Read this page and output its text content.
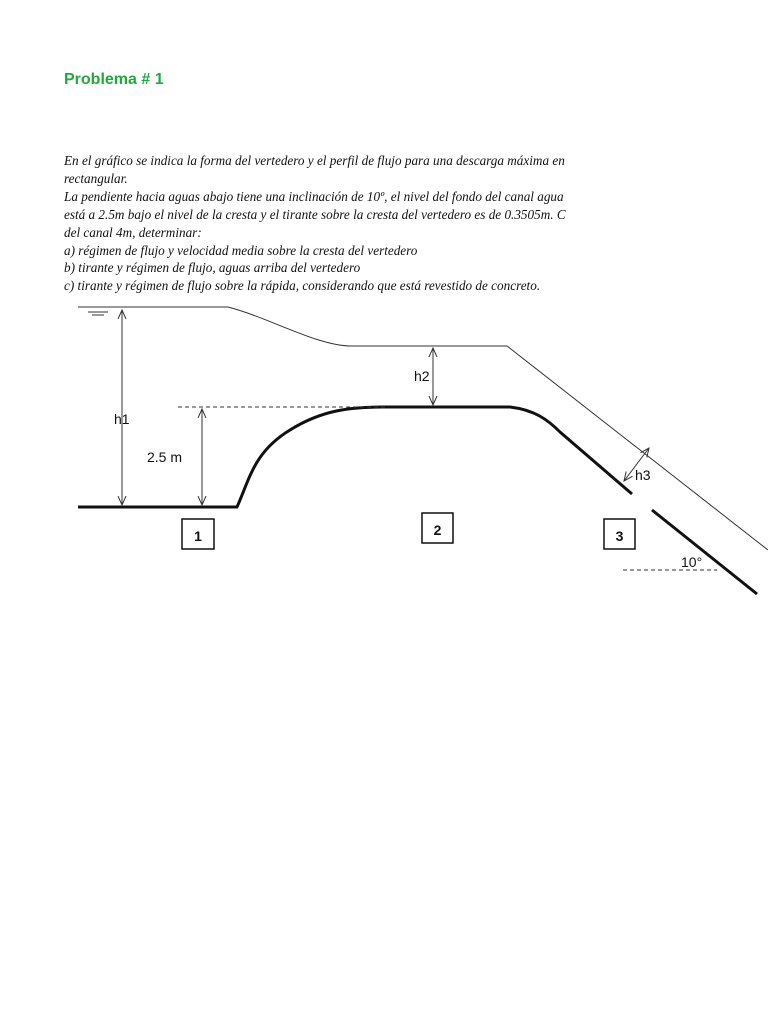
Problema # 1
En el gráfico se indica la forma del vertedero y el perfil de flujo para una descarga máxima en
rectangular.
La pendiente hacia aguas abajo tiene una inclinación de 10º, el nivel del fondo del canal agua
está a 2.5m bajo el nivel de la cresta y el tirante sobre la cresta del vertedero es de 0.3505m. C
del canal 4m, determinar:
a) régimen de flujo y velocidad media sobre la cresta del vertedero
b) tirante y régimen de flujo, aguas arriba del vertedero
c) tirante y régimen de flujo sobre la rápida, considerando que está revestido de concreto.
h1
2.5 m
h2
h3
10°
1	2	3
